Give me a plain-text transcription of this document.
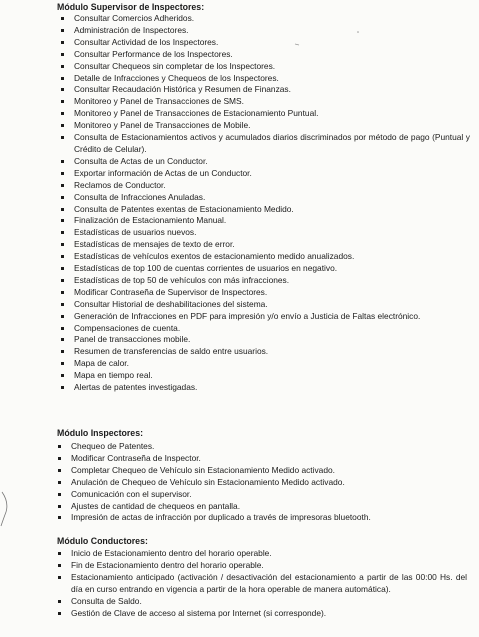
Módulo Supervisor de Inspectores:
Consultar Comercios Adheridos.
Administración de Inspectores.
Consultar Actividad de los Inspectores.
Consultar Performance de los Inspectores.
Consultar Chequeos sin completar de los Inspectores.
Detalle de Infracciones y Chequeos de los Inspectores.
Consultar Recaudación Histórica y Resumen de Finanzas.
Monitoreo y Panel de Transacciones de SMS.
Monitoreo y Panel de Transacciones de Estacionamiento Puntual.
Monitoreo y Panel de Transacciones de Mobile.
Consulta de Estacionamientos activos y acumulados diarios discriminados por método de pago (Puntual y Crédito de Celular).
Consulta de Actas de un Conductor.
Exportar información de Actas de un Conductor.
Reclamos de Conductor.
Consulta de Infracciones Anuladas.
Consulta de Patentes exentas de Estacionamiento Medido.
Finalización de Estacionamiento Manual.
Estadísticas de usuarios nuevos.
Estadísticas de mensajes de texto de error.
Estadísticas de vehículos exentos de estacionamiento medido anualizados.
Estadísticas de top 100 de cuentas corrientes de usuarios en negativo.
Estadísticas de top 50 de vehículos con más infracciones.
Modificar Contraseña de Supervisor de Inspectores.
Consultar Historial de deshabilitaciones del sistema.
Generación de Infracciones en PDF para impresión y/o envío a Justicia de Faltas electrónico.
Compensaciones de cuenta.
Panel de transacciones mobile.
Resumen de transferencias de saldo entre usuarios.
Mapa de calor.
Mapa en tiempo real.
Alertas de patentes investigadas.
Módulo Inspectores:
Chequeo de Patentes.
Modificar Contraseña de Inspector.
Completar Chequeo de Vehículo sin Estacionamiento Medido activado.
Anulación de Chequeo de Vehículo sin Estacionamiento Medido activado.
Comunicación con el supervisor.
Ajustes de cantidad de chequeos en pantalla.
Impresión de actas de infracción por duplicado a través de impresoras bluetooth.
Módulo Conductores:
Inicio de Estacionamiento dentro del horario operable.
Fin de Estacionamiento dentro del horario operable.
Estacionamiento anticipado (activación / desactivación del estacionamiento a partir de las 00:00 Hs. del día en curso entrando en vigencia a partir de la hora operable de manera automática).
Consulta de Saldo.
Gestión de Clave de acceso al sistema por Internet (si corresponde).
